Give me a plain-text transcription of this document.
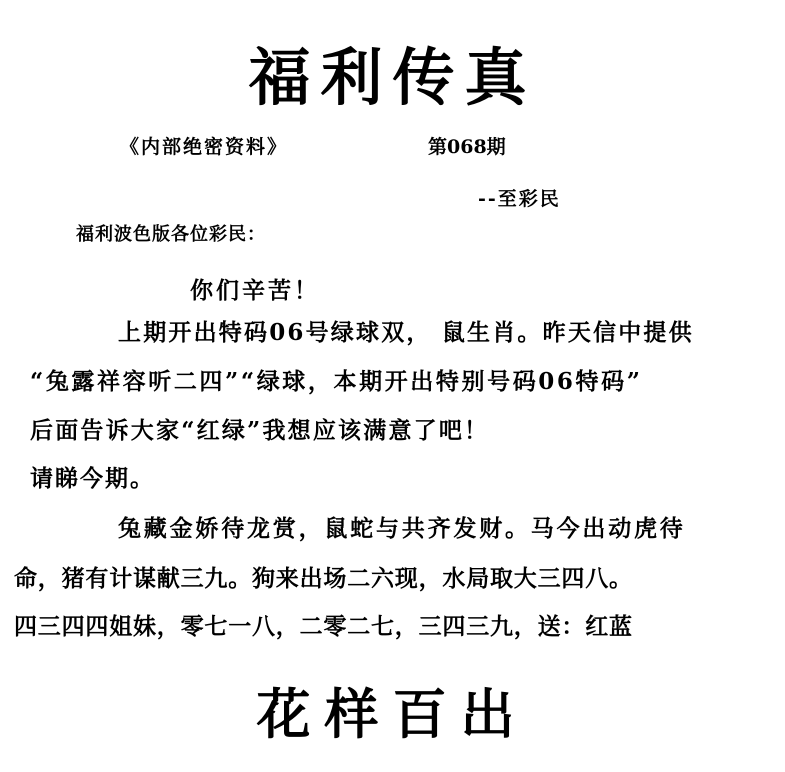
福利传真
《内部绝密资料》	第068期
--至彩民
福利波色版各位彩民：
你们辛苦！
上期开出特码06号绿球双， 鼠生肖。昨天信中提供
“兔露祥容听二四”“绿球，本期开出特别号码06特码”
后面告诉大家“红绿”我想应该满意了吧！
请睇今期。
兔藏金娇待龙赏，鼠蛇与共齐发财。马今出动虎待
命，猪有计谋献三九。狗来出场二六现，水局取大三四八。
四三四四姐妹，零七一八，二零二七，三四三九，送：红蓝
花样百出
